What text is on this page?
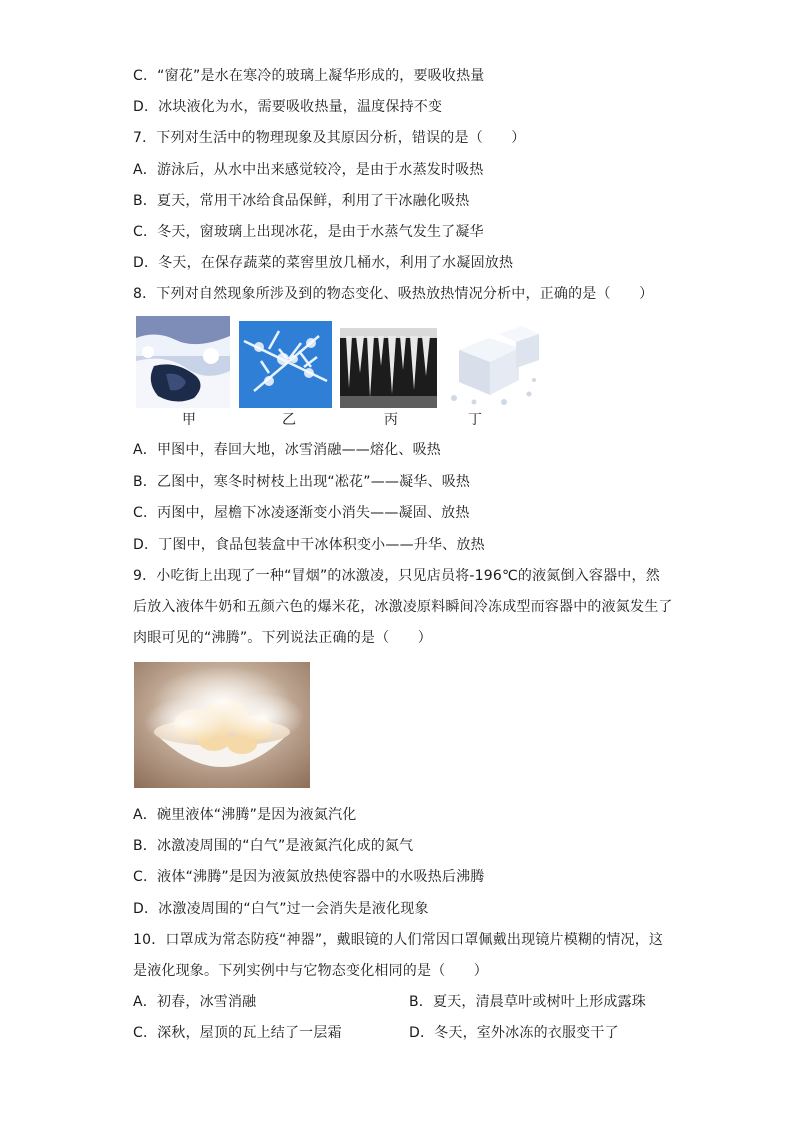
C．“窗花”是水在寒冷的玻璃上凝华形成的，要吸收热量
D．冰块液化为水，需要吸收热量，温度保持不变
7．下列对生活中的物理现象及其原因分析，错误的是（　　）
A．游泳后，从水中出来感觉较冷，是由于水蒸发时吸热
B．夏天，常用干冰给食品保鲜，利用了干冰融化吸热
C．冬天，窗玻璃上出现冰花，是由于水蒸气发生了凝华
D．冬天，在保存蔬菜的菜窖里放几桶水，利用了水凝固放热
8．下列对自然现象所涉及到的物态变化、吸热放热情况分析中，正确的是（　　）
甲	乙	丙	丁
A．甲图中，春回大地，冰雪消融——熔化、吸热
B．乙图中，寒冬时树枝上出现“凇花”——凝华、吸热
C．丙图中，屋檐下冰凌逐渐变小消失——凝固、放热
D．丁图中，食品包装盒中干冰体积变小——升华、放热
9．小吃街上出现了一种“冒烟”的冰激凌，只见店员将-196℃的液氮倒入容器中，然
后放入液体牛奶和五颜六色的爆米花，冰激凌原料瞬间冷冻成型而容器中的液氮发生了
肉眼可见的“沸腾”。下列说法正确的是（　　）
A．碗里液体“沸腾”是因为液氮汽化
B．冰激凌周围的“白气”是液氮汽化成的氮气
C．液体“沸腾”是因为液氮放热使容器中的水吸热后沸腾
D．冰激凌周围的“白气”过一会消失是液化现象
10．口罩成为常态防疫“神器”，戴眼镜的人们常因口罩佩戴出现镜片模糊的情况，这
是液化现象。下列实例中与它物态变化相同的是（　　）
A．初春，冰雪消融	B．夏天，清晨草叶或树叶上形成露珠
C．深秋，屋顶的瓦上结了一层霜	D．冬天，室外冰冻的衣服变干了
